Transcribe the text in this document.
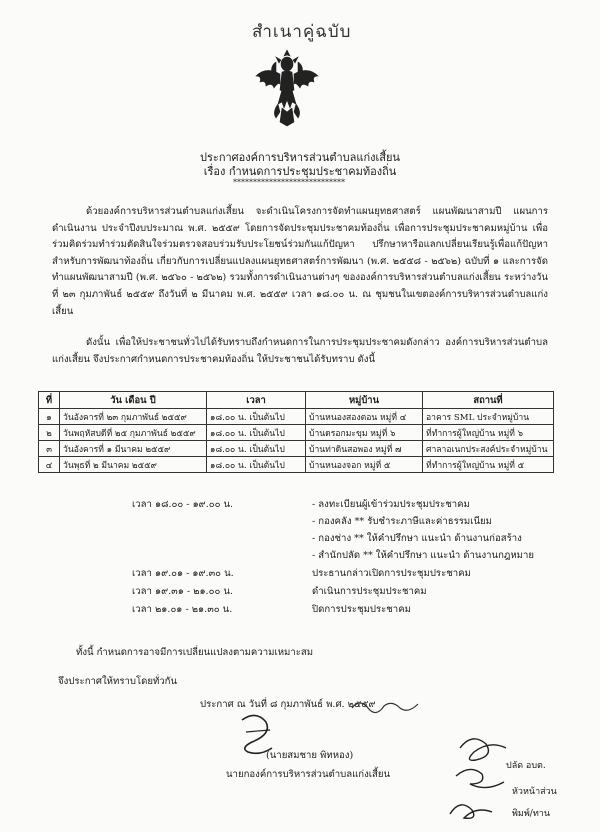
สำเนาคู่ฉบับ
ประกาศองค์การบริหารส่วนตำบลแก่งเสี้ยน
เรื่อง กำหนดการประชุมประชาคมท้องถิ่น
****************************
ด้วยองค์การบริหารส่วนตำบลแก่งเสี้ยน จะดำเนินโครงการจัดทำแผนยุทธศาสตร์ แผนพัฒนาสามปี แผนการดำเนินงาน ประจำปีงบประมาณ พ.ศ. ๒๕๕๙ โดยการจัดประชุมประชาคมท้องถิ่น เพื่อการประชุมประชาคมหมู่บ้าน เพื่อร่วมคิดร่วมทำร่วมตัดสินใจร่วมตรวจสอบร่วมรับประโยชน์ร่วมกันแก้ปัญหา ปรึกษาหารือแลกเปลี่ยนเรียนรู้เพื่อแก้ปัญหาสำหรับการพัฒนาท้องถิ่น เกี่ยวกับการเปลี่ยนแปลงแผนยุทธศาสตร์การพัฒนา (พ.ศ. ๒๕๕๘ - ๒๕๖๒) ฉบับที่ ๑ และการจัดทำแผนพัฒนาสามปี (พ.ศ. ๒๕๖๐ - ๒๕๖๒) รวมทั้งการดำเนินงานต่างๆ ขององค์การบริหารส่วนตำบลแก่งเสี้ยน ระหว่างวันที่ ๒๓ กุมภาพันธ์ ๒๕๕๙ ถึงวันที่ ๒ มีนาคม พ.ศ. ๒๕๕๙ เวลา ๑๘.๐๐ น. ณ ชุมชนในเขตองค์การบริหารส่วนตำบลแก่งเสี้ยน
ดังนั้น เพื่อให้ประชาชนทั่วไปได้รับทราบถึงกำหนดการในการประชุมประชาคมดังกล่าว องค์การบริหารส่วนตำบลแก่งเสี้ยน จึงประกาศกำหนดการประชาคมท้องถิ่น ให้ประชาชนได้รับทราบ ดังนี้
ที่	วัน เดือน ปี	เวลา	หมู่บ้าน	สถานที่
๑	วันอังคารที่ ๒๓ กุมภาพันธ์ ๒๕๕๙	๑๘.๐๐ น. เป็นต้นไป	บ้านหนองสองตอน หมู่ที่ ๔	อาคาร SML ประจำหมู่บ้าน
๒	วันพฤหัสบดีที่ ๒๕ กุมภาพันธ์ ๒๕๕๙	๑๘.๐๐ น. เป็นต้นไป	บ้านดรอกมะขุม หมู่ที่ ๖	ที่ทำการผู้ใหญ่บ้าน หมู่ที่ ๖
๓	วันอังคารที่ ๑ มีนาคม ๒๕๕๙	๑๘.๐๐ น. เป็นต้นไป	บ้านท่าดินสอพอง หมู่ที่ ๗	ศาลาอเนกประสงค์ประจำหมู่บ้าน
๔	วันพุธที่ ๒ มีนาคม ๒๕๕๙	๑๘.๐๐ น. เป็นต้นไป	บ้านหนองจอก หมู่ที่ ๕	ที่ทำการผู้ใหญ่บ้าน หมู่ที่ ๕
เวลา ๑๘.๐๐ - ๑๙.๐๐ น.	- ลงทะเบียนผู้เข้าร่วมประชุมประชาคม
- กองคลัง ** รับชำระภาษีและค่าธรรมเนียม
- กองช่าง ** ให้คำปรึกษา แนะนำ ด้านงานก่อสร้าง
- สำนักปลัด ** ให้คำปรึกษา แนะนำ ด้านงานกฎหมาย
เวลา ๑๙.๐๑ - ๑๙.๓๐ น.	ประธานกล่าวเปิดการประชุมประชาคม
เวลา ๑๙.๓๑ - ๒๑.๐๐ น.	ดำเนินการประชุมประชาคม
เวลา ๒๑.๐๑ - ๒๑.๓๐ น.	ปิดการประชุมประชาคม
ทั้งนี้ กำหนดการอาจมีการเปลี่ยนแปลงตามความเหมาะสม
จึงประกาศให้ทราบโดยทั่วกัน
ประกาศ ณ วันที่ ๘ กุมภาพันธ์ พ.ศ. ๒๕๕๙
(นายสมชาย พิทหอง)
นายกองค์การบริหารส่วนตำบลแก่งเสี้ยน
ปลัด อบต.
หัวหน้าส่วน
พิมพ์/ทาน
